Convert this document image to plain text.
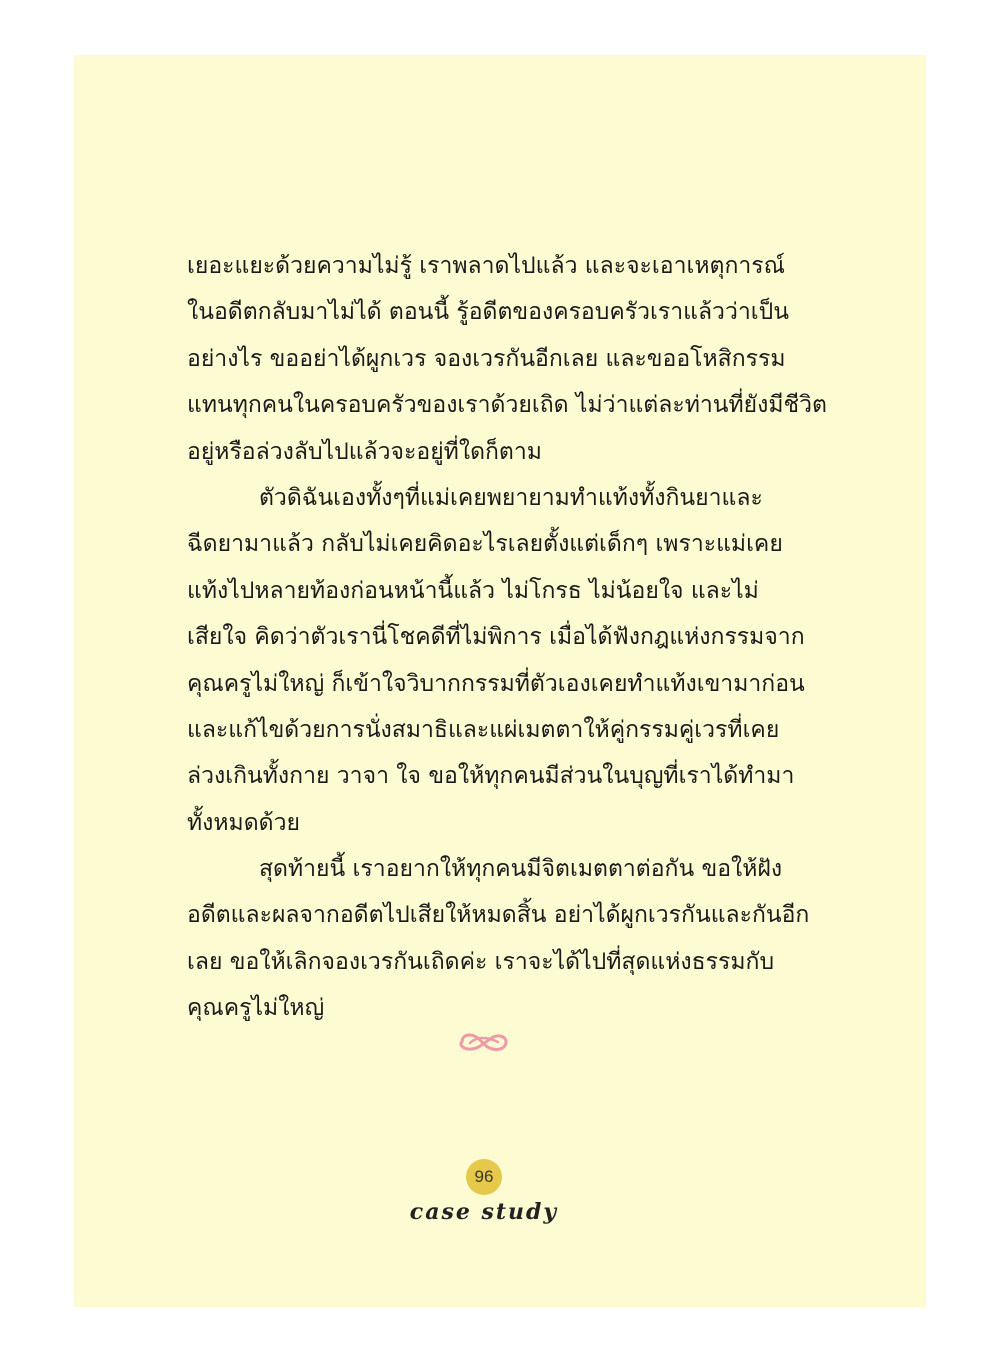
เยอะแยะด้วยความไม่รู้ เราพลาดไปแล้ว และจะเอาเหตุการณ์
ในอดีตกลับมาไม่ได้ ตอนนี้ รู้อดีตของครอบครัวเราแล้วว่าเป็น
อย่างไร ขออย่าได้ผูกเวร จองเวรกันอีกเลย และขออโหสิกรรม
แทนทุกคนในครอบครัวของเราด้วยเถิด ไม่ว่าแต่ละท่านที่ยังมีชีวิต
อยู่หรือล่วงลับไปแล้วจะอยู่ที่ใดก็ตาม
ตัวดิฉันเองทั้งๆที่แม่เคยพยายามทำแท้งทั้งกินยาและ
ฉีดยามาแล้ว กลับไม่เคยคิดอะไรเลยตั้งแต่เด็กๆ เพราะแม่เคย
แท้งไปหลายท้องก่อนหน้านี้แล้ว ไม่โกรธ ไม่น้อยใจ และไม่
เสียใจ คิดว่าตัวเรานี่โชคดีที่ไม่พิการ เมื่อได้ฟังกฎแห่งกรรมจาก
คุณครูไม่ใหญ่ ก็เข้าใจวิบากกรรมที่ตัวเองเคยทำแท้งเขามาก่อน
และแก้ไขด้วยการนั่งสมาธิและแผ่เมตตาให้คู่กรรมคู่เวรที่เคย
ล่วงเกินทั้งกาย วาจา ใจ ขอให้ทุกคนมีส่วนในบุญที่เราได้ทำมา
ทั้งหมดด้วย
สุดท้ายนี้ เราอยากให้ทุกคนมีจิตเมตตาต่อกัน ขอให้ฝัง
อดีตและผลจากอดีตไปเสียให้หมดสิ้น อย่าได้ผูกเวรกันและกันอีก
เลย ขอให้เลิกจองเวรกันเถิดค่ะ เราจะได้ไปที่สุดแห่งธรรมกับ
คุณครูไม่ใหญ่
96
case study
